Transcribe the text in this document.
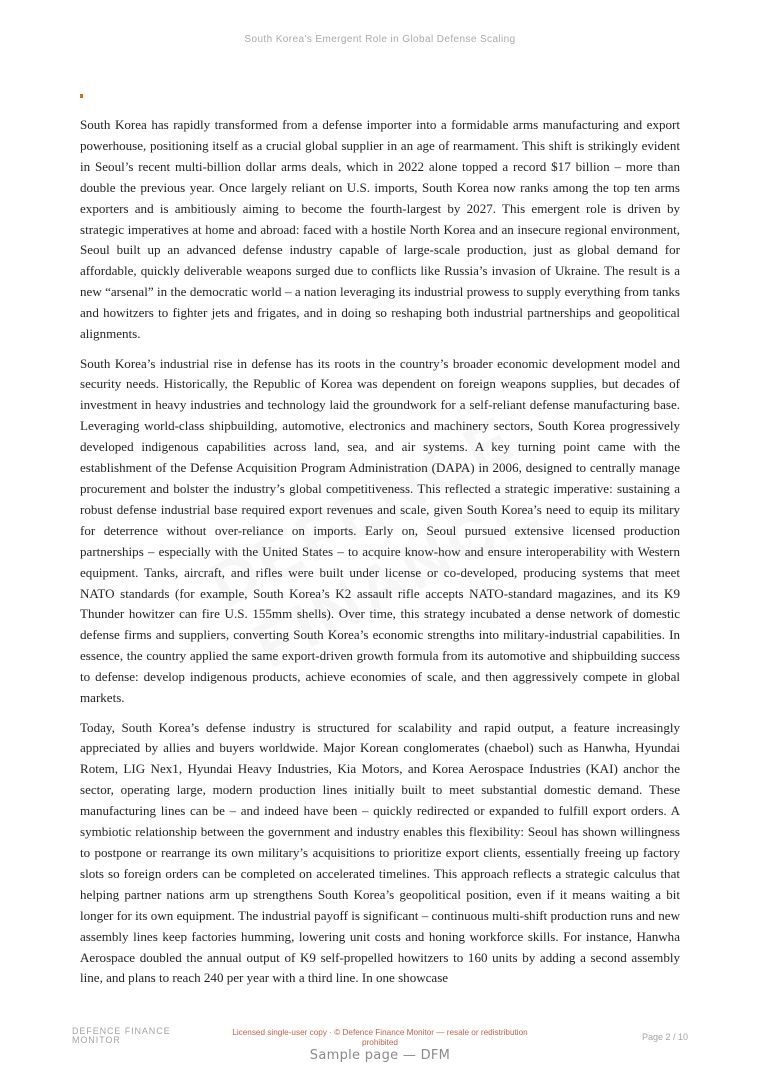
South Korea’s Emergent Role in Global Defense Scaling

South Korea has rapidly transformed from a defense importer into a formidable arms manufacturing and export powerhouse, positioning itself as a crucial global supplier in an age of rearmament. This shift is strikingly evident in Seoul’s recent multi-billion dollar arms deals, which in 2022 alone topped a record $17 billion – more than double the previous year. Once largely reliant on U.S. imports, South Korea now ranks among the top ten arms exporters and is ambitiously aiming to become the fourth-largest by 2027. This emergent role is driven by strategic imperatives at home and abroad: faced with a hostile North Korea and an insecure regional environment, Seoul built up an advanced defense industry capable of large-scale production, just as global demand for affordable, quickly deliverable weapons surged due to conflicts like Russia’s invasion of Ukraine. The result is a new “arsenal” in the democratic world – a nation leveraging its industrial prowess to supply everything from tanks and howitzers to fighter jets and frigates, and in doing so reshaping both industrial partnerships and geopolitical alignments.

South Korea’s industrial rise in defense has its roots in the country’s broader economic development model and security needs. Historically, the Republic of Korea was dependent on foreign weapons supplies, but decades of investment in heavy industries and technology laid the groundwork for a self-reliant defense manufacturing base. Leveraging world-class shipbuilding, automotive, electronics and machinery sectors, South Korea progressively developed indigenous capabilities across land, sea, and air systems. A key turning point came with the establishment of the Defense Acquisition Program Administration (DAPA) in 2006, designed to centrally manage procurement and bolster the industry’s global competitiveness. This reflected a strategic imperative: sustaining a robust defense industrial base required export revenues and scale, given South Korea’s need to equip its military for deterrence without over-reliance on imports. Early on, Seoul pursued extensive licensed production partnerships – especially with the United States – to acquire know-how and ensure interoperability with Western equipment. Tanks, aircraft, and rifles were built under license or co-developed, producing systems that meet NATO standards (for example, South Korea’s K2 assault rifle accepts NATO-standard magazines, and its K9 Thunder howitzer can fire U.S. 155mm shells). Over time, this strategy incubated a dense network of domestic defense firms and suppliers, converting South Korea’s economic strengths into military-industrial capabilities. In essence, the country applied the same export-driven growth formula from its automotive and shipbuilding success to defense: develop indigenous products, achieve economies of scale, and then aggressively compete in global markets.

Today, South Korea’s defense industry is structured for scalability and rapid output, a feature increasingly appreciated by allies and buyers worldwide. Major Korean conglomerates (chaebol) such as Hanwha, Hyundai Rotem, LIG Nex1, Hyundai Heavy Industries, Kia Motors, and Korea Aerospace Industries (KAI) anchor the sector, operating large, modern production lines initially built to meet substantial domestic demand. These manufacturing lines can be – and indeed have been – quickly redirected or expanded to fulfill export orders. A symbiotic relationship between the government and industry enables this flexibility: Seoul has shown willingness to postpone or rearrange its own military’s acquisitions to prioritize export clients, essentially freeing up factory slots so foreign orders can be completed on accelerated timelines. This approach reflects a strategic calculus that helping partner nations arm up strengthens South Korea’s geopolitical position, even if it means waiting a bit longer for its own equipment. The industrial payoff is significant – continuous multi-shift production runs and new assembly lines keep factories humming, lowering unit costs and honing workforce skills. For instance, Hanwha Aerospace doubled the annual output of K9 self-propelled howitzers to 160 units by adding a second assembly line, and plans to reach 240 per year with a third line. In one showcase

DEFENCE FINANCE
MONITOR
Licensed single-user copy · © Defence Finance Monitor — resale or redistribution
prohibited	Page 2 / 10
Sample page — DFM
